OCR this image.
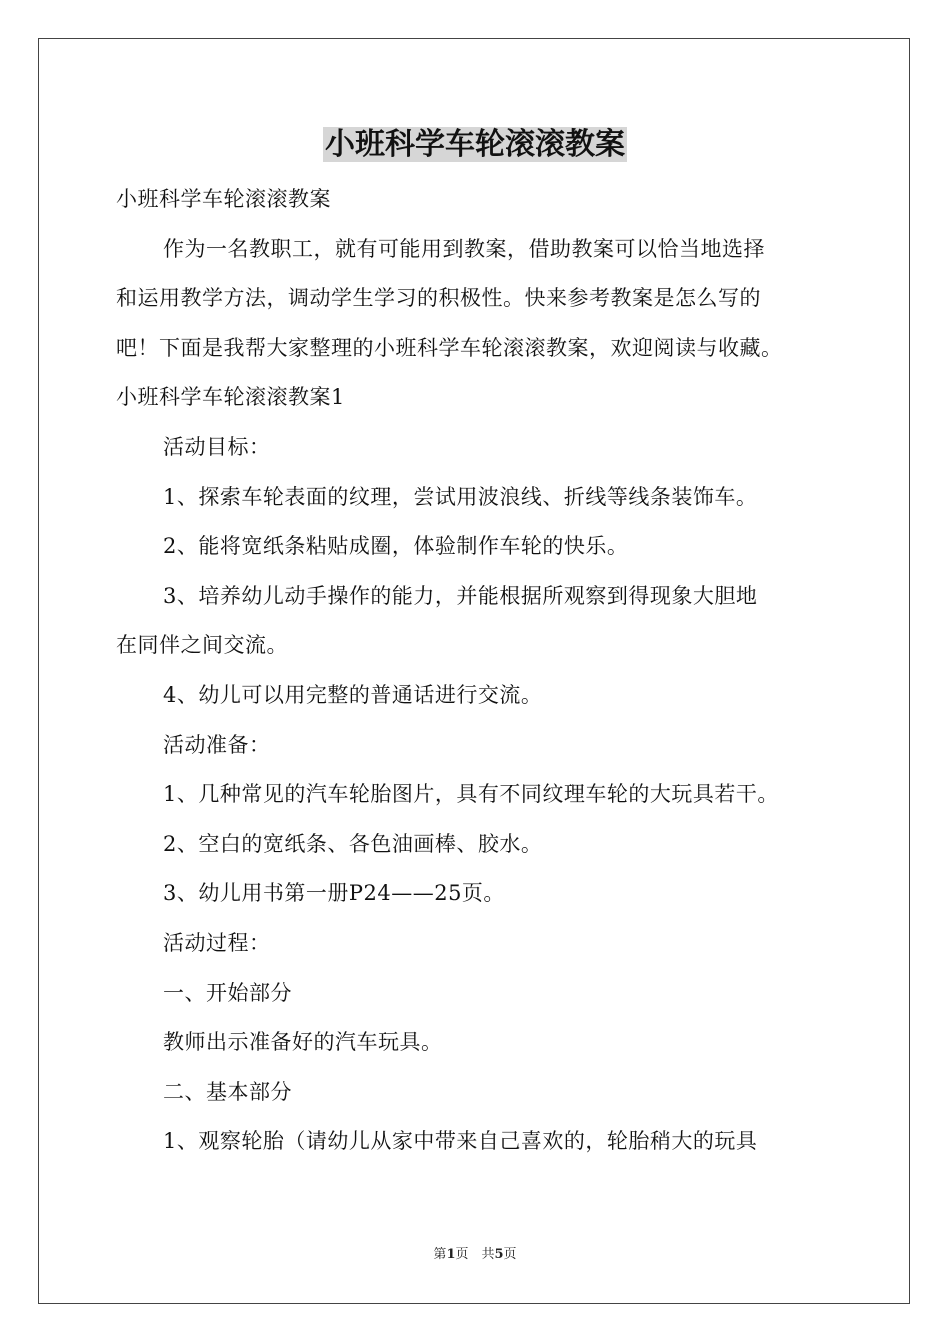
小班科学车轮滚滚教案
小班科学车轮滚滚教案
作为一名教职工，就有可能用到教案，借助教案可以恰当地选择
和运用教学方法，调动学生学习的积极性。快来参考教案是怎么写的
吧！下面是我帮大家整理的小班科学车轮滚滚教案，欢迎阅读与收藏。
小班科学车轮滚滚教案1
活动目标：
1、探索车轮表面的纹理，尝试用波浪线、折线等线条装饰车。
2、能将宽纸条粘贴成圈，体验制作车轮的快乐。
3、培养幼儿动手操作的能力，并能根据所观察到得现象大胆地
在同伴之间交流。
4、幼儿可以用完整的普通话进行交流。
活动准备：
1、几种常见的汽车轮胎图片，具有不同纹理车轮的大玩具若干。
2、空白的宽纸条、各色油画棒、胶水。
3、幼儿用书第一册P24——25页。
活动过程：
一、开始部分
教师出示准备好的汽车玩具。
二、基本部分
1、观察轮胎（请幼儿从家中带来自己喜欢的，轮胎稍大的玩具
第1页　共5页
